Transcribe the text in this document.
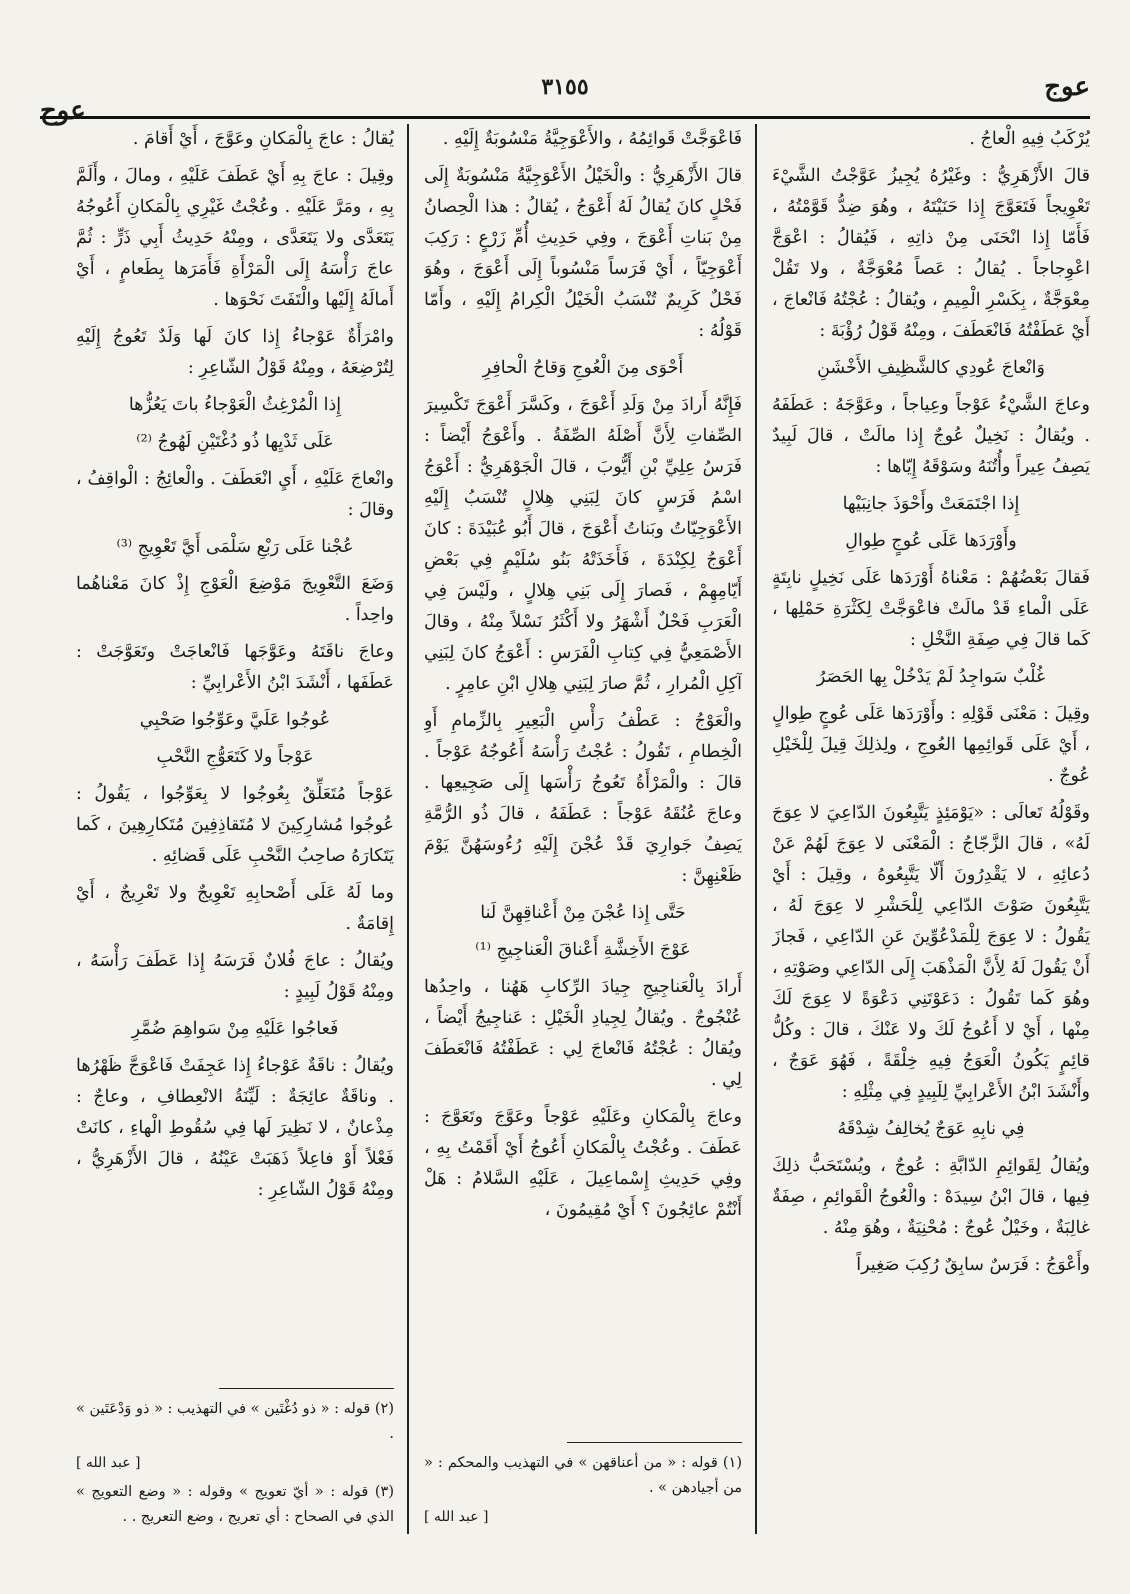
عوج
٣١٥٥
عوج

يُرْكَبُ فِيهِ الْعاجُ .

قالَ الأَزْهَرِيُّ : وغَيْرُهُ يُجِيزُ عَوَّجْتُ الشَّيْءَ تَعْوِيجاً فَتَعَوَّجَ إِذا حَنَيْتَهُ ، وهُوَ ضِدُّ قَوَّمْتُهُ ، فَأَمّا إِذا انْحَنَى مِنْ ذاتِهِ ، فَيُقالُ : اعْوَجَّ اعْوِجاجاً . يُقالُ : عَصاً مُعْوَجَّةٌ ، ولا تَقُلْ مِعْوَجَّةٌ ، بِكَسْرِ الْمِيمِ ، ويُقالُ : عُجْتُهُ فَانْعاجَ ، أَيْ عَطَفْتُهُ فَانْعَطَفَ ، ومِنْهُ قَوْلُ رُؤْبَةَ :

وَانْعاجَ عُودِي كالشَّظِيفِ الأَخْشَنِ

وعاجَ الشَّيْءُ عَوْجاً وعِياجاً ، وعَوَّجَهُ : عَطَفَهُ . ويُقالُ : نَخِيلٌ عُوجٌ إِذا مالَتْ ، قالَ لَبِيدٌ يَصِفُ عِيراً وأُتُنَهُ وسَوْقَهُ إِيّاها :

إِذا اجْتَمَعَتْ وأَحْوَذَ جانِبَيْها

وأَوْرَدَها عَلَى عُوجٍ طِوالِ

فَقالَ بَعْضُهُمْ : مَعْناهُ أَوْرَدَها عَلَى نَخِيلٍ نابِتَةٍ عَلَى الْماءِ قَدْ مالَتْ فاعْوَجَّتْ لِكَثْرَةِ حَمْلِها ، كَما قالَ فِي صِفَةِ النَّخْلِ :

غُلْبٌ سَواجِدُ لَمْ يَدْخُلْ بِها الحَصَرُ

وقِيلَ : مَعْنَى قَوْلِهِ : وأَوْرَدَها عَلَى عُوجٍ طِوالٍ ، أَيْ عَلَى قَوائِمِها العُوجِ ، ولِذلِكَ قِيلَ لِلْخَيْلِ عُوجٌ .

وقَوْلُهُ تَعالَى : «يَوْمَئِذٍ يَتَّبِعُونَ الدّاعِيَ لا عِوَجَ لَهُ» ، قالَ الزَّجّاجُ : الْمَعْنَى لا عِوَجَ لَهُمْ عَنْ دُعائِهِ ، لا يَقْدِرُونَ أَلّا يَتَّبِعُوهُ ، وقِيلَ : أَيْ يَتَّبِعُونَ صَوْتَ الدّاعِي لِلْحَشْرِ لا عِوَجَ لَهُ ، يَقُولُ : لا عِوَجَ لِلْمَدْعُوِّينَ عَنِ الدّاعِي ، فَجازَ أَنْ يَقُولَ لَهُ لِأَنَّ الْمَذْهَبَ إِلَى الدّاعِي وصَوْتِهِ ، وهُوَ كَما تَقُولُ : دَعَوْتَنِي دَعْوَةً لا عِوَجَ لَكَ مِنْها ، أَيْ لا أَعُوجُ لَكَ ولا عَنْكَ ، قالَ : وكُلُّ قائِمٍ يَكُونُ الْعَوَجُ فِيهِ خِلْقَةً ، فَهُوَ عَوَجٌ ، وأَنْشَدَ ابْنُ الأَعْرابِيِّ لِلَبِيدٍ فِي مِثْلِهِ :

فِي نابِهِ عَوَجٌ يُخالِفُ شِدْقَهُ

ويُقالُ لِقَوائِمِ الدّابَّةِ : عُوجٌ ، ويُسْتَحَبُّ ذلِكَ فِيها ، قالَ ابْنُ سِيدَهْ : والْعُوجُ الْقَوائِمِ ، صِفَةٌ غالِبَةٌ ، وخَيْلٌ عُوجٌ : مُحْنِيَةٌ ، وهُوَ مِنْهُ .

وأَعْوَجُ : فَرَسٌ سابِقٌ رُكِبَ صَغِيراً

فَاعْوَجَّتْ قَوائِمُهُ ، والأَعْوَجِيَّةُ مَنْسُوبَةٌ إِلَيْهِ .

قالَ الأَزْهَرِيُّ : والْخَيْلُ الأَعْوَجِيَّةُ مَنْسُوبَةٌ إِلَى فَحْلٍ كانَ يُقالُ لَهُ أَعْوَجُ ، يُقالُ : هذا الْحِصانُ مِنْ بَناتِ أَعْوَجَ ، وفِي حَدِيثِ أُمِّ زَرْعٍ : رَكِبَ أَعْوَجِيّاً ، أَيْ فَرَساً مَنْسُوباً إِلَى أَعْوَجَ ، وهُوَ فَحْلٌ كَرِيمٌ تُنْسَبُ الْخَيْلُ الْكِرامُ إِلَيْهِ ، وأَمّا قَوْلُهُ :

أَحْوَى مِنَ الْعُوجِ وَقاحُ الْحافِرِ

فَإِنَّهُ أَرادَ مِنْ وَلَدِ أَعْوَجَ ، وكَسَّرَ أَعْوَجَ تَكْسِيرَ الصِّفاتِ لِأَنَّ أَصْلَهُ الصِّفَةُ . وأَعْوَجُ أَيْضاً : فَرَسُ عِلِيِّ بْنِ أَيُّوبَ ، قالَ الْجَوْهَرِيُّ : أَعْوَجُ اسْمُ فَرَسٍ كانَ لِبَنِي هِلالٍ تُنْسَبُ إِلَيْهِ الأَعْوَجِيّاتُ وبَناتُ أَعْوَجَ ، قالَ أَبُو عُبَيْدَةَ : كانَ أَعْوَجُ لِكِنْدَةَ ، فَأَخَذَتْهُ بَنُو سُلَيْمٍ فِي بَعْضِ أَيّامِهِمْ ، فَصارَ إِلَى بَنِي هِلالٍ ، ولَيْسَ فِي الْعَرَبِ فَحْلٌ أَشْهَرُ ولا أَكْثَرُ نَسْلاً مِنْهُ ، وقالَ الأَصْمَعِيُّ فِي كِتابِ الْفَرَسِ : أَعْوَجُ كانَ لِبَنِي آكِلِ الْمُرارِ ، ثُمَّ صارَ لِبَنِي هِلالِ ابْنِ عامِرٍ .

والْعَوْجُ : عَطْفُ رَأْسِ الْبَعِيرِ بِالزِّمامِ أَوِ الْخِطامِ ، تَقُولُ : عُجْتُ رَأْسَهُ أَعُوجُهُ عَوْجاً . قالَ : والْمَرْأَةُ تَعُوجُ رَأْسَها إِلَى صَجِيعِها . وعاجَ عُنُقَهُ عَوْجاً : عَطَفَهُ ، قالَ ذُو الرُّمَّةِ يَصِفُ جَوارِيَ قَدْ عُجْنَ إِلَيْهِ رُءُوسَهُنَّ يَوْمَ ظَعْنِهِنَّ :

حَتَّى إِذا عُجْنَ مِنْ أَعْناقِهِنَّ لَنا

عَوْجَ الأَخِشَّةِ أَعْناقَ الْعَناجِيجِ ⁽¹⁾

أَرادَ بِالْعَناجِيجِ جِيادَ الرِّكابِ هَهُنا ، واحِدُها عُنْجُوجٌ . ويُقالُ لِجِيادِ الْخَيْلِ : عَناجِيجُ أَيْضاً ، ويُقالُ : عُجْتُهُ فَانْعاجَ لِي : عَطَفْتُهُ فَانْعَطَفَ لِي .

وعاجَ بِالْمَكانِ وعَلَيْهِ عَوْجاً وعَوَّجَ وتَعَوَّجَ : عَطَفَ . وعُجْتُ بِالْمَكانِ أَعُوجُ أَيْ أَقَمْتُ بِهِ ، وفِي حَدِيثِ إِسْماعِيلَ ، عَلَيْهِ السَّلامُ : هَلْ أَنْتُمْ عائِجُونَ ؟ أَيْ مُقِيمُونَ ،

(١) قوله : « من أعناقهن » في التهذيب والمحكم : « من أجيادهن » .

[ عبد الله ]

يُقالُ : عاجَ بِالْمَكانِ وعَوَّجَ ، أَيْ أَقامَ .

وقِيلَ : عاجَ بِهِ أَيْ عَطَفَ عَلَيْهِ ، ومالَ ، وأَلَمَّ بِهِ ، ومَرَّ عَلَيْهِ . وعُجْتُ غَيْرِي بِالْمَكانِ أَعُوجُهُ يَتَعَدَّى ولا يَتَعَدَّى ، ومِنْهُ حَدِيثُ أَبِي ذَرٍّ : ثُمَّ عاجَ رَأْسَهُ إِلَى الْمَرْأَةِ فَأَمَرَها بِطَعامٍ ، أَيْ أَمالَهُ إِلَيْها والْتَفَتَ نَحْوَها .

وامْرَأَةٌ عَوْجاءُ إِذا كانَ لَها وَلَدٌ تَعُوجُ إِلَيْهِ لِتُرْضِعَهُ ، ومِنْهُ قَوْلُ الشّاعِرِ :

إِذا الْمُرْغِثُ الْعَوْجاءُ باتَ يَعُزُّها

عَلَى ثَدْيِها ذُو دُغْتَيْنِ لَهُوجُ ⁽²⁾

وانْعاجَ عَلَيْهِ ، أَيِ انْعَطَفَ . والْعائِجُ : الْواقِفُ ، وقالَ :

عُجْنا عَلَى رَبْعِ سَلْمَى أَيَّ تَعْوِيجِ ⁽³⁾

وَضَعَ التَّعْوِيجَ مَوْضِعَ الْعَوْجِ إِذْ كانَ مَعْناهُما واحِداً .

وعاجَ ناقَتَهُ وعَوَّجَها فَانْعاجَتْ وتَعَوَّجَتْ : عَطَفَها ، أَنْشَدَ ابْنُ الأَعْرابِيِّ :

عُوجُوا عَلَيَّ وعَوِّجُوا صَحْبِي

عَوْجاً ولا كَتَعَوُّجِ النَّحْبِ

عَوْجاً مُتَعَلِّقٌ بِعُوجُوا لا بِعَوِّجُوا ، يَقُولُ : عُوجُوا مُشارِكِينَ لا مُتَقاذِفِينَ مُتَكارِهِينَ ، كَما يَتَكارَهُ صاحِبُ النَّحْبِ عَلَى قَضائِهِ .

وما لَهُ عَلَى أَصْحابِهِ تَعْوِيجٌ ولا تَعْرِيجٌ ، أَيْ إِقامَةٌ .

ويُقالُ : عاجَ فُلانٌ فَرَسَهُ إِذا عَطَفَ رَأْسَهُ ، ومِنْهُ قَوْلُ لَبِيدٍ :

فَعاجُوا عَلَيْهِ مِنْ سَواهِمَ ضُمَّرِ

ويُقالُ : ناقَةٌ عَوْجاءُ إِذا عَجِفَتْ فَاعْوَجَّ ظَهْرُها . وناقَةٌ عائِجَةٌ : لَيِّنَةُ الانْعِطافِ ، وعاجٌ : مِذْعانٌ ، لا نَظِيرَ لَها فِي سُقُوطِ الْهاءِ ، كانَتْ فَعْلاً أَوْ فاعِلاً ذَهَبَتْ عَيْنُهُ ، قالَ الأَزْهَرِيُّ ، ومِنْهُ قَوْلُ الشّاعِرِ :

(٢) قوله : « ذو دُغْتَين » في التهذيب : « ذو وَدْعَتَين » .

[ عبد الله ]

(٣) قوله : « أيّ تعويج » وقوله : « وضع التعويج » الذي في الصحاح : أي تعريج ، وضع التعريج . .
